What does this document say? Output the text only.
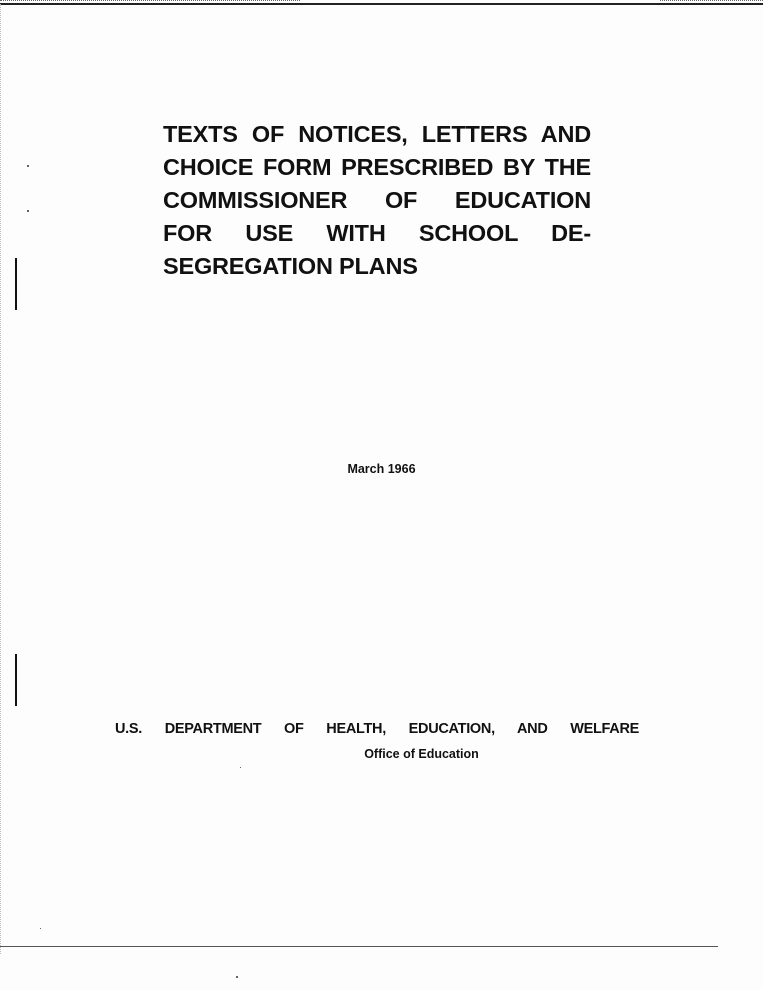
TEXTS OF NOTICES, LETTERS AND
CHOICE FORM PRESCRIBED BY THE
COMMISSIONER OF EDUCATION
FOR USE WITH SCHOOL DE-
SEGREGATION PLANS
March 1966
U.S. DEPARTMENT OF HEALTH, EDUCATION, AND WELFARE
Office of Education
